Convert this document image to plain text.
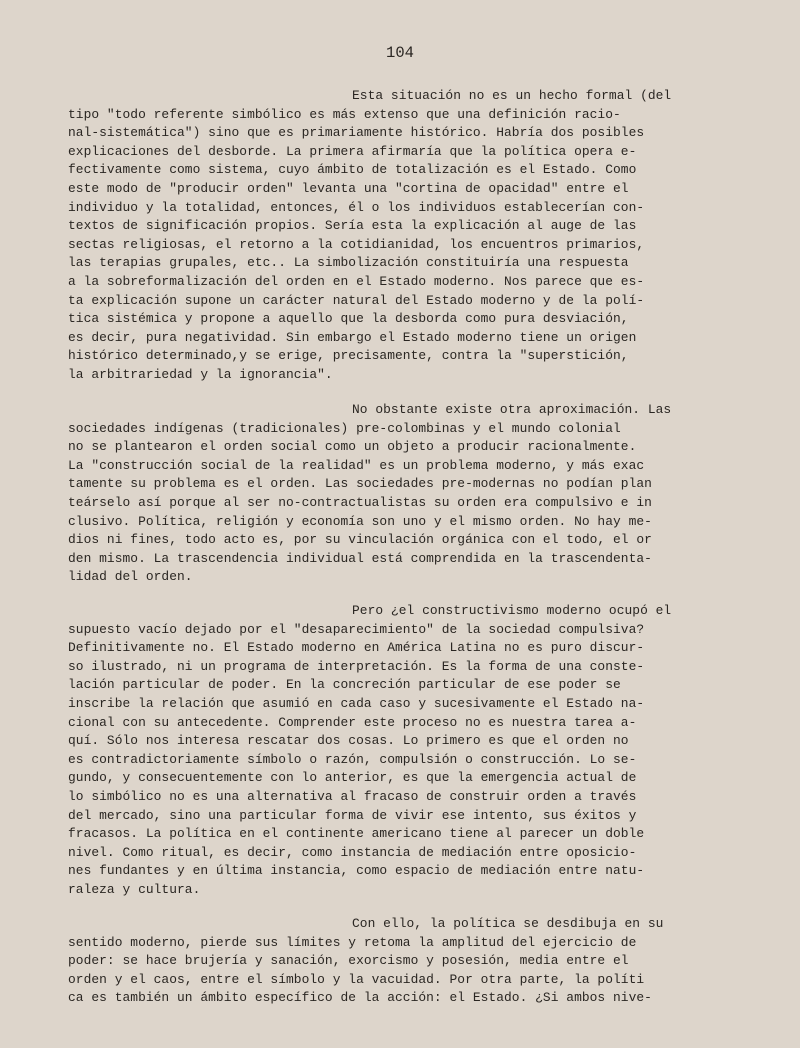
104
Esta situación no es un hecho formal (del
tipo "todo referente simbólico es más extenso que una definición racio-
nal-sistemática") sino que es primariamente histórico. Habría dos posibles
explicaciones del desborde. La primera afirmaría que la política opera e-
fectivamente como sistema, cuyo ámbito de totalización es el Estado. Como
este modo de "producir orden" levanta una "cortina de opacidad" entre el
individuo y la totalidad, entonces, él o los individuos establecerían con-
textos de significación propios. Sería esta la explicación al auge de las
sectas religiosas, el retorno a la cotidianidad, los encuentros primarios,
las terapias grupales, etc.. La simbolización constituiría una respuesta
a la sobreformalización del orden en el Estado moderno. Nos parece que es-
ta explicación supone un carácter natural del Estado moderno y de la polí-
tica sistémica y propone a aquello que la desborda como pura desviación,
es decir, pura negatividad. Sin embargo el Estado moderno tiene un origen
histórico determinado,y se erige, precisamente, contra la "superstición,
la arbitrariedad y la ignorancia".
No obstante existe otra aproximación. Las
sociedades indígenas (tradicionales) pre-colombinas y el mundo colonial
no se plantearon el orden social como un objeto a producir racionalmente.
La "construcción social de la realidad" es un problema moderno, y más exac
tamente su problema es el orden. Las sociedades pre-modernas no podían plan
teárselo así porque al ser no-contractualistas su orden era compulsivo e in
clusivo. Política, religión y economía son uno y el mismo orden. No hay me-
dios ni fines, todo acto es, por su vinculación orgánica con el todo, el or
den mismo. La trascendencia individual está comprendida en la trascendenta-
lidad del orden.
Pero ¿el constructivismo moderno ocupó el
supuesto vacío dejado por el "desaparecimiento" de la sociedad compulsiva?
Definitivamente no. El Estado moderno en América Latina no es puro discur-
so ilustrado, ni un programa de interpretación. Es la forma de una conste-
lación particular de poder. En la concreción particular de ese poder se
inscribe la relación que asumió en cada caso y sucesivamente el Estado na-
cional con su antecedente. Comprender este proceso no es nuestra tarea a-
quí. Sólo nos interesa rescatar dos cosas. Lo primero es que el orden no
es contradictoriamente símbolo o razón, compulsión o construcción. Lo se-
gundo, y consecuentemente con lo anterior, es que la emergencia actual de
lo simbólico no es una alternativa al fracaso de construir orden a través
del mercado, sino una particular forma de vivir ese intento, sus éxitos y
fracasos. La política en el continente americano tiene al parecer un doble
nivel. Como ritual, es decir, como instancia de mediación entre oposicio-
nes fundantes y en última instancia, como espacio de mediación entre natu-
raleza y cultura.
Con ello, la política se desdibuja en su
sentido moderno, pierde sus límites y retoma la amplitud del ejercicio de
poder: se hace brujería y sanación, exorcismo y posesión, media entre el
orden y el caos, entre el símbolo y la vacuidad. Por otra parte, la políti
ca es también un ámbito específico de la acción: el Estado. ¿Si ambos nive-
